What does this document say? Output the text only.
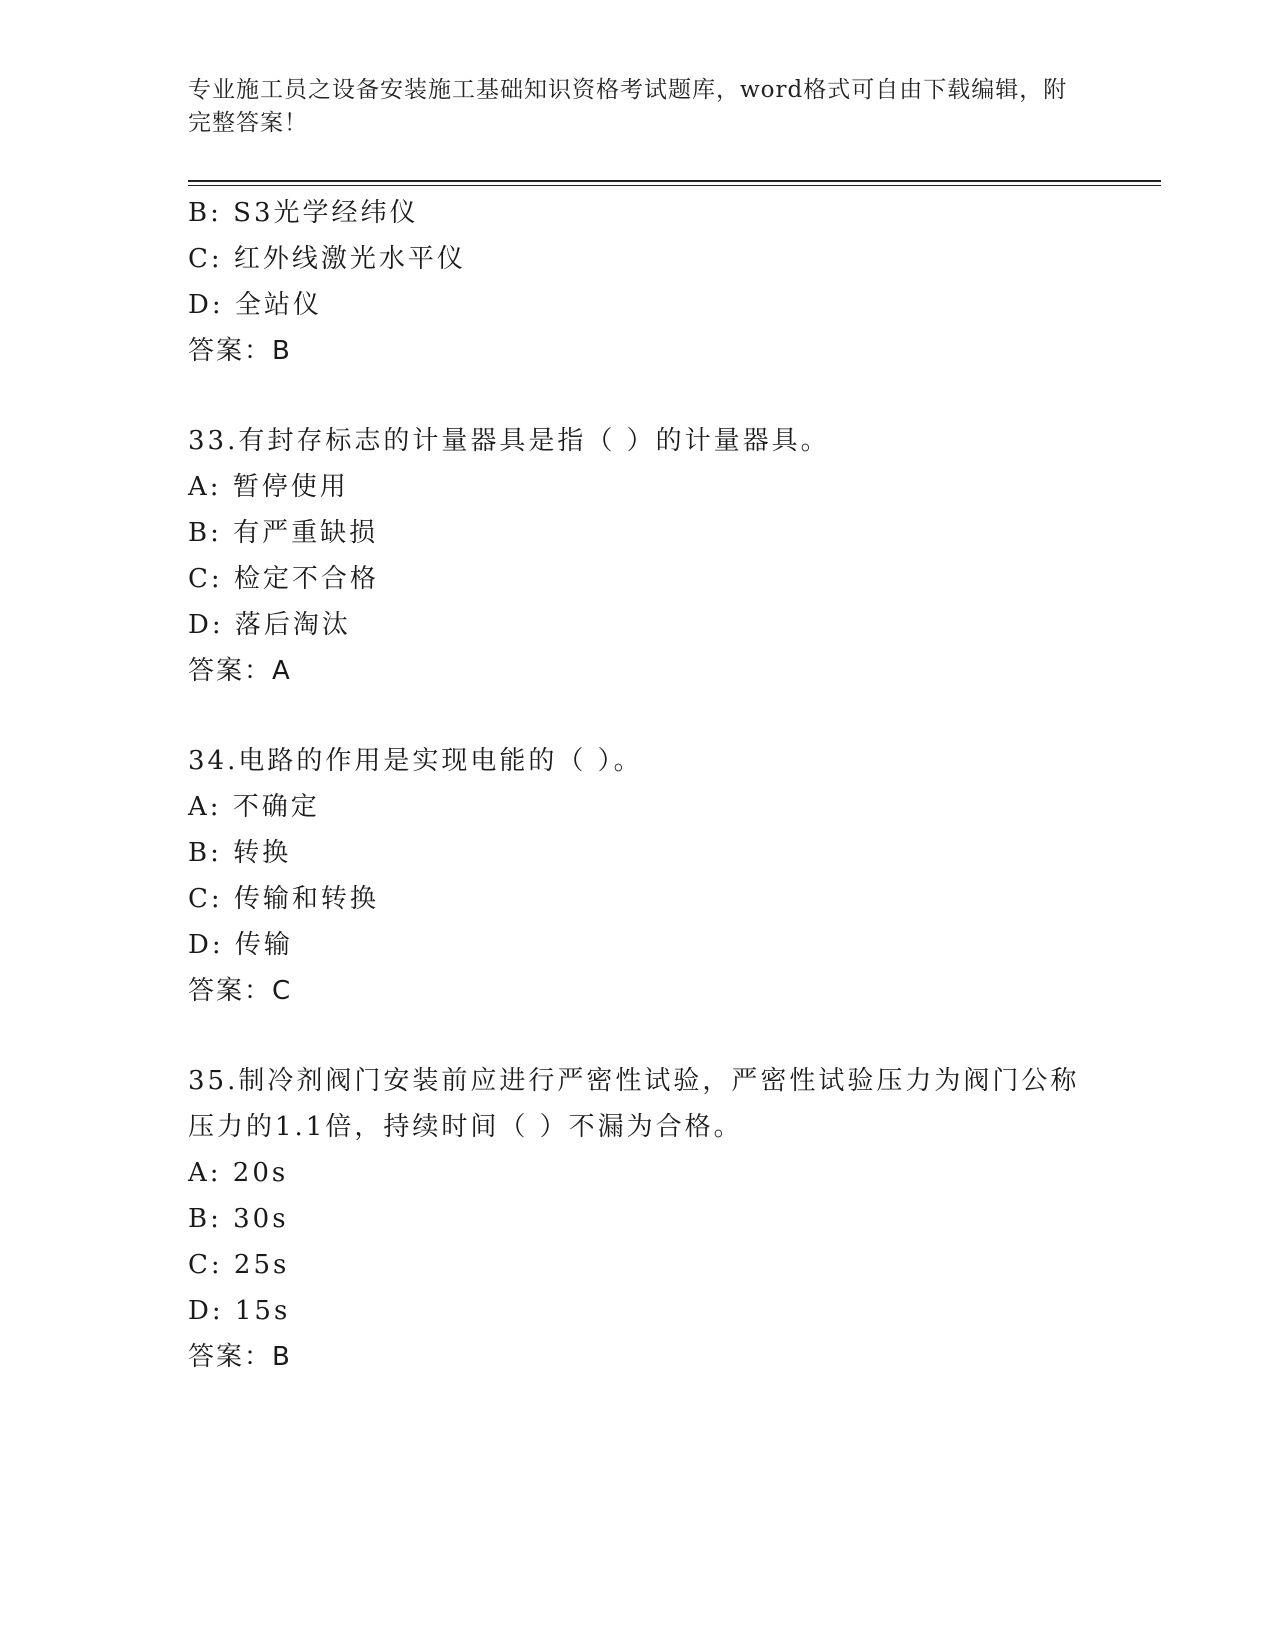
专业施工员之设备安装施工基础知识资格考试题库，word格式可自由下载编辑，附完整答案！
B: S3光学经纬仪
C: 红外线激光水平仪
D: 全站仪
答案：B
33.有封存标志的计量器具是指（ ）的计量器具。
A: 暂停使用
B: 有严重缺损
C: 检定不合格
D: 落后淘汰
答案：A
34.电路的作用是实现电能的（ ）。
A: 不确定
B: 转换
C: 传输和转换
D: 传输
答案：C
35.制冷剂阀门安装前应进行严密性试验，严密性试验压力为阀门公称压力的1.1倍，持续时间（ ）不漏为合格。
A: 20s
B: 30s
C: 25s
D: 15s
答案：B
